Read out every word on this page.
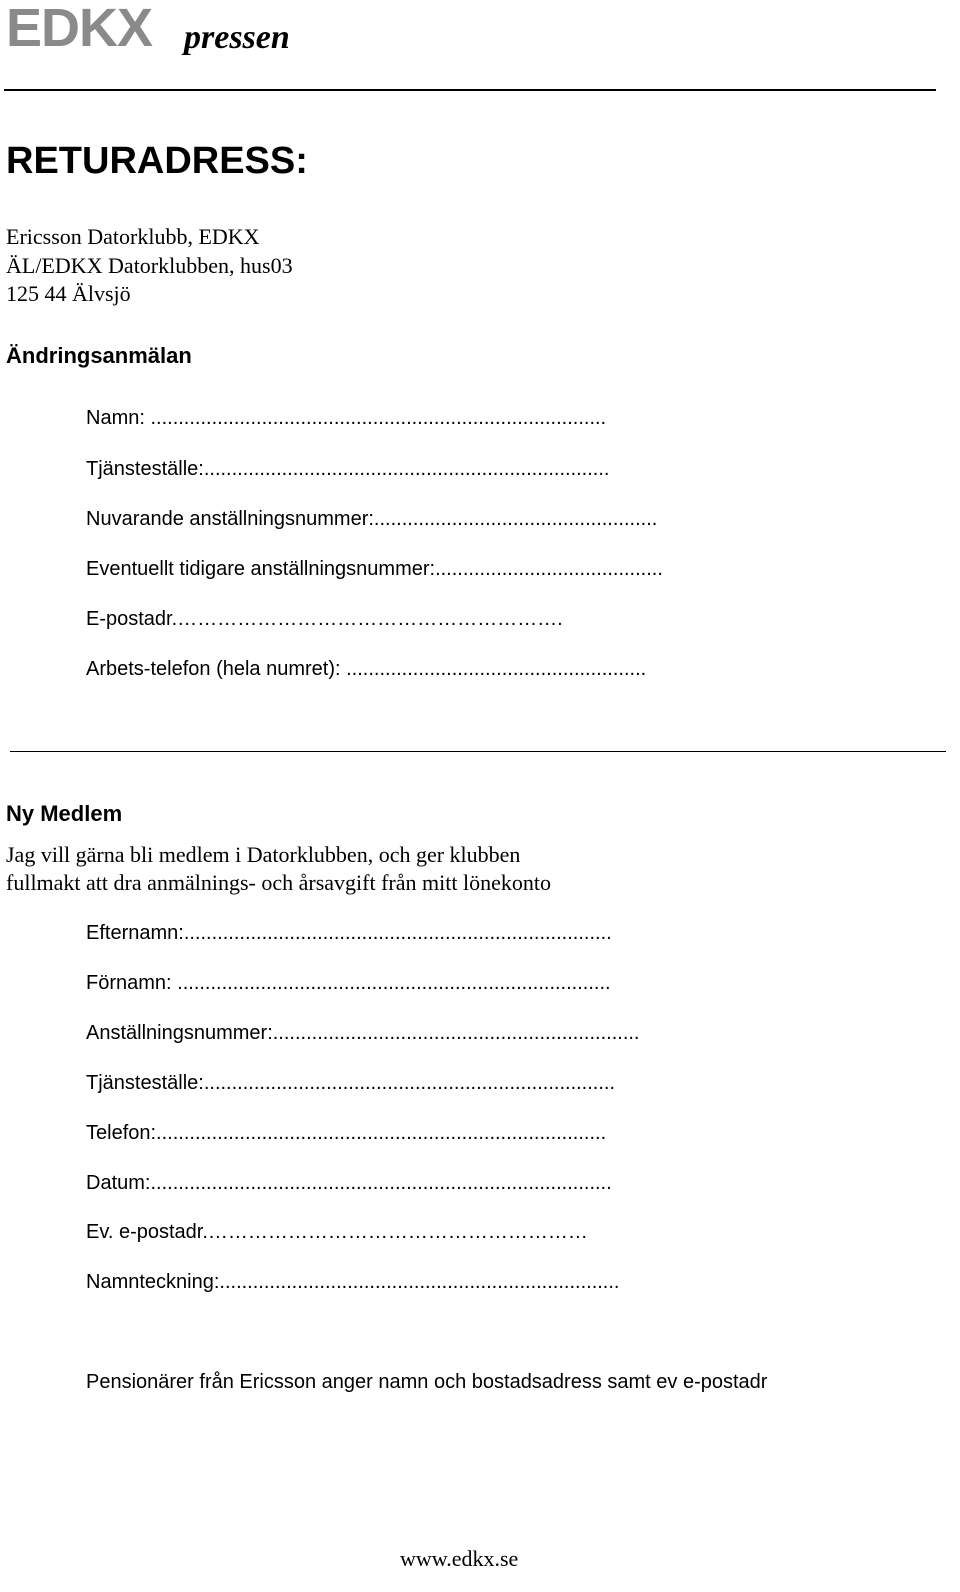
EDKX pressen
RETURADRESS:
Ericsson Datorklubb, EDKX
ÄL/EDKX Datorklubben, hus03
125 44 Älvsjö
Ändringsanmälan
Namn: ..................................................................................
Tjänsteställe:.........................................................................
Nuvarande anställningsnummer:...................................................
Eventuellt tidigare anställningsnummer:.........................................
E-postadr.………………………………………………….
Arbets-telefon (hela numret): ......................................................
Ny Medlem
Jag vill gärna bli medlem i Datorklubben, och ger klubben
fullmakt att dra anmälnings- och årsavgift från mitt lönekonto
Efternamn:.............................................................................
Förnamn: ..............................................................................
Anställningsnummer:..................................................................
Tjänsteställe:..........................................................................
Telefon:.................................................................................
Datum:...................................................................................
Ev. e-postadr.…………………………………………………
Namnteckning:........................................................................
Pensionärer från Ericsson anger namn och bostadsadress samt ev e-postadr
www.edkx.se
